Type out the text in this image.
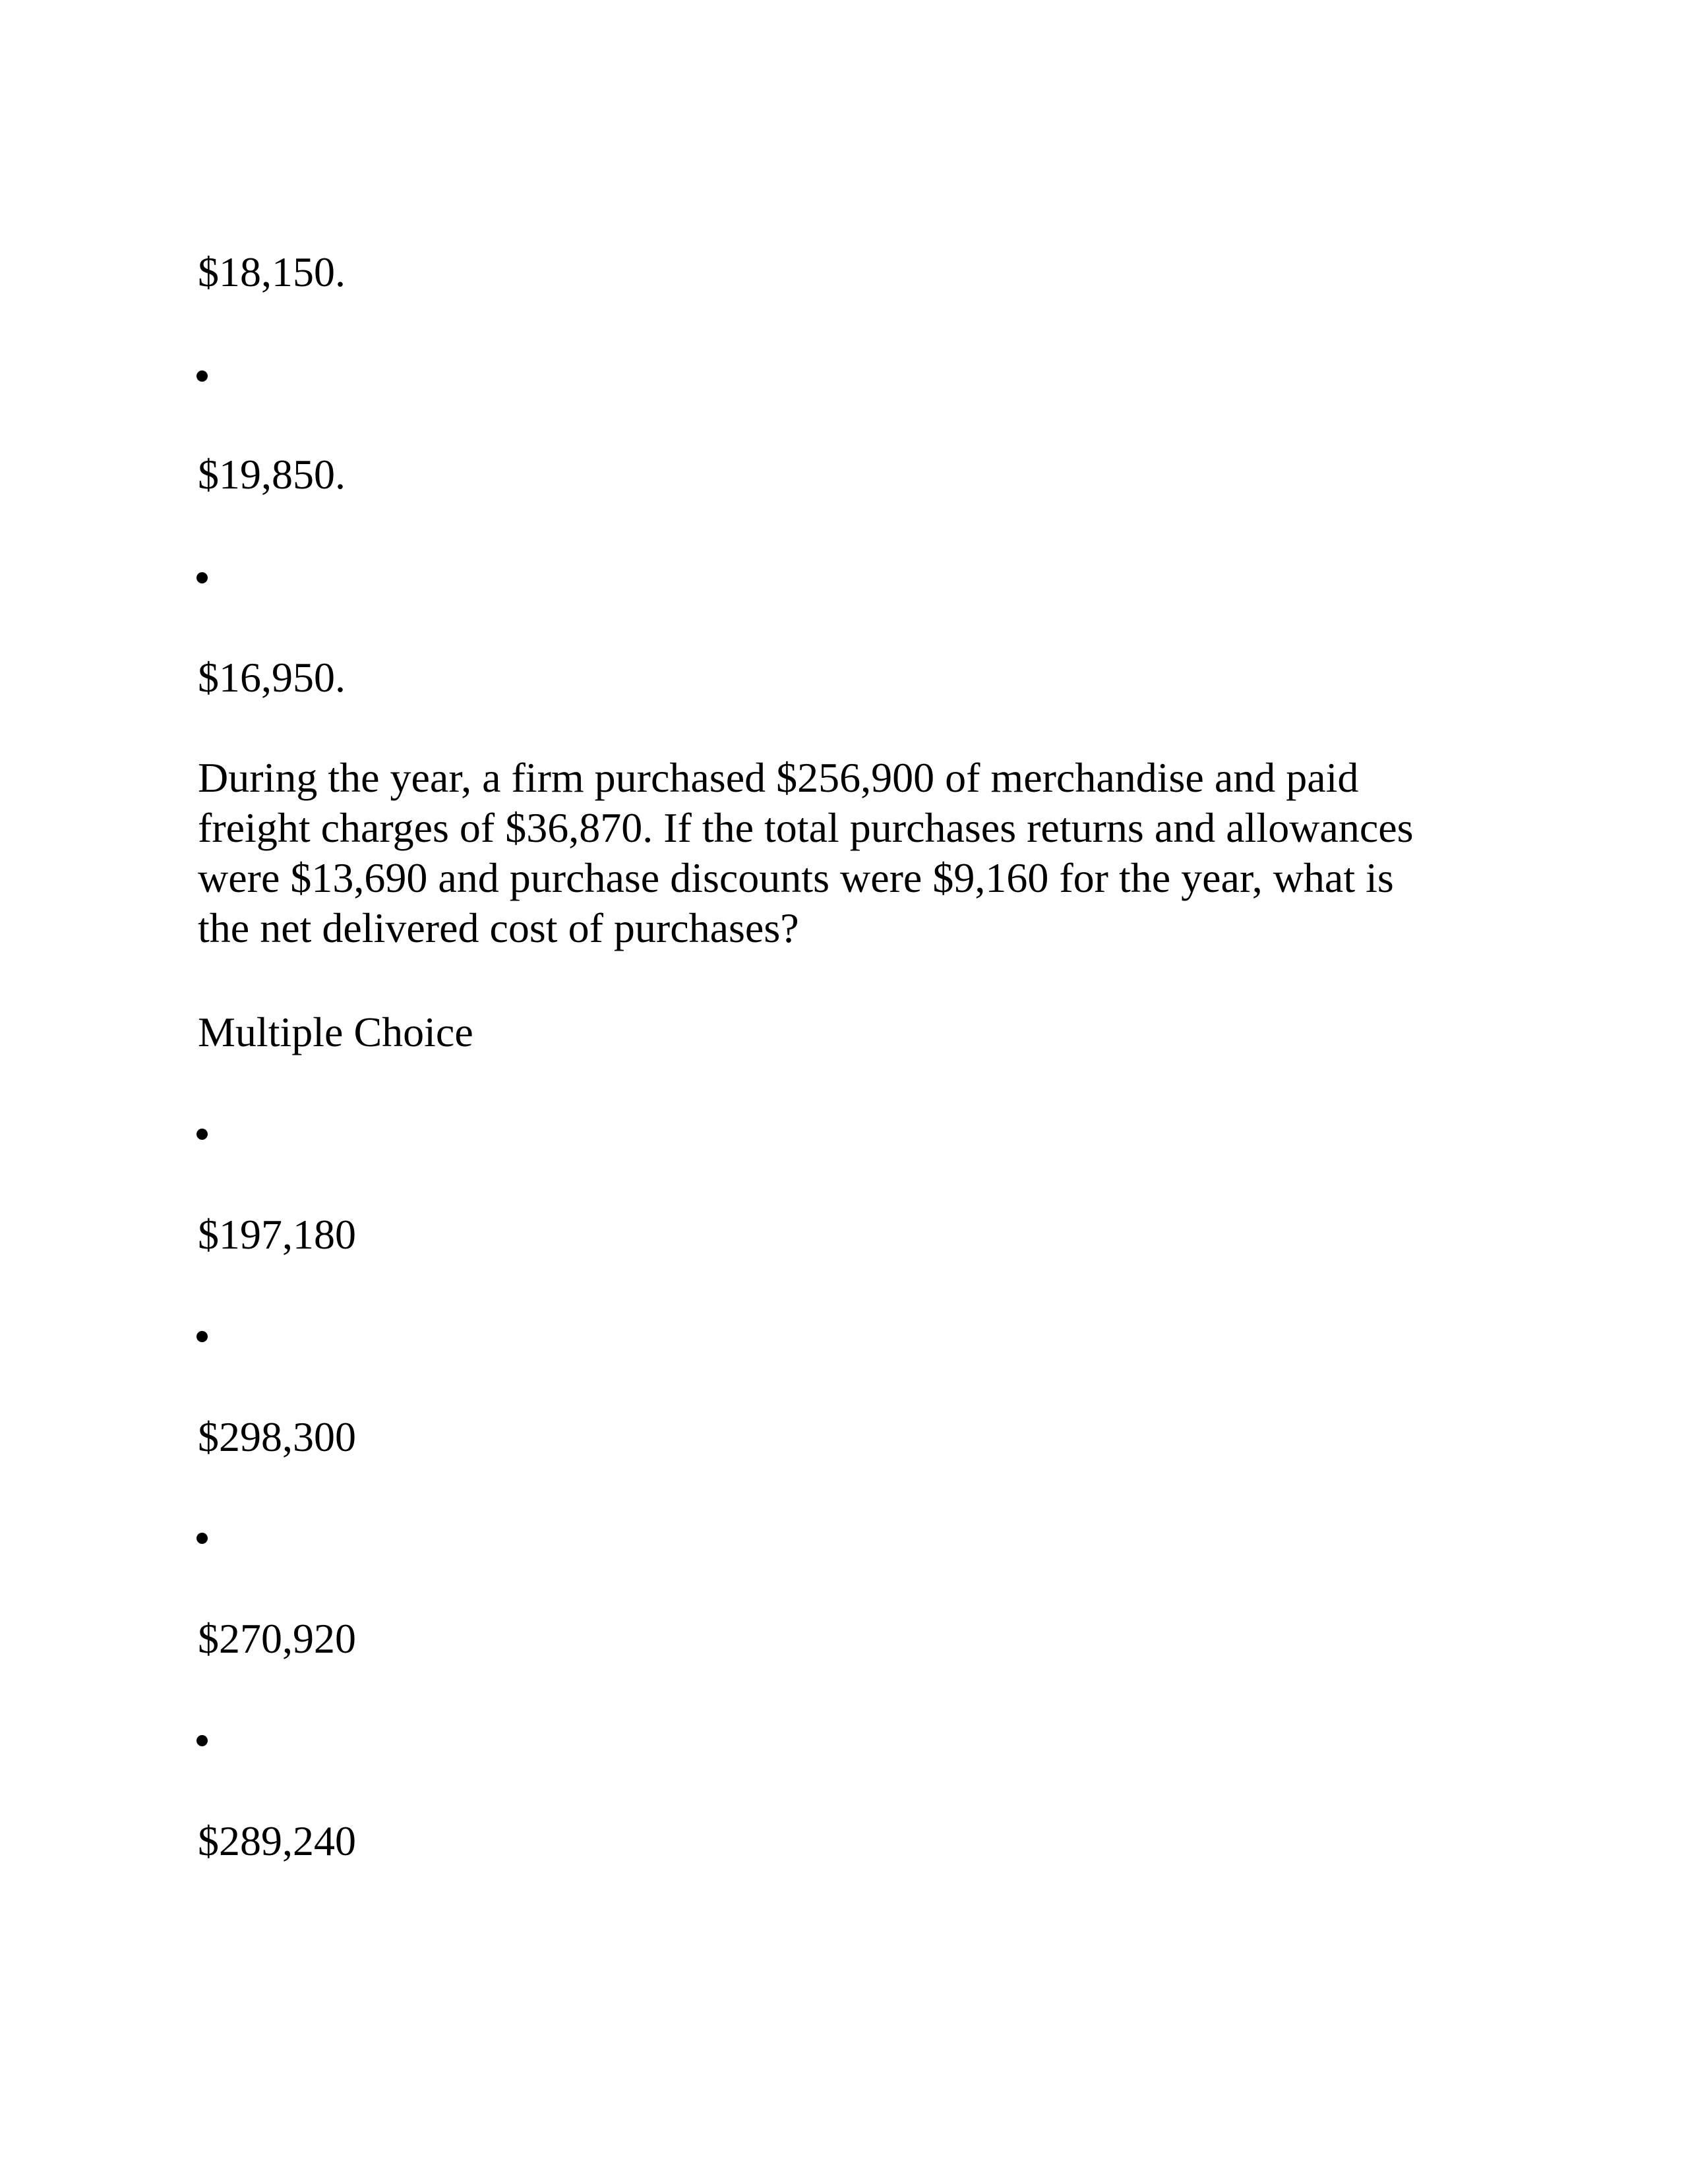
$18,150.
$19,850.
$16,950.
During the year, a firm purchased $256,900 of merchandise and paid
freight charges of $36,870. If the total purchases returns and allowances
were $13,690 and purchase discounts were $9,160 for the year, what is
the net delivered cost of purchases?
Multiple Choice
$197,180
$298,300
$270,920
$289,240
